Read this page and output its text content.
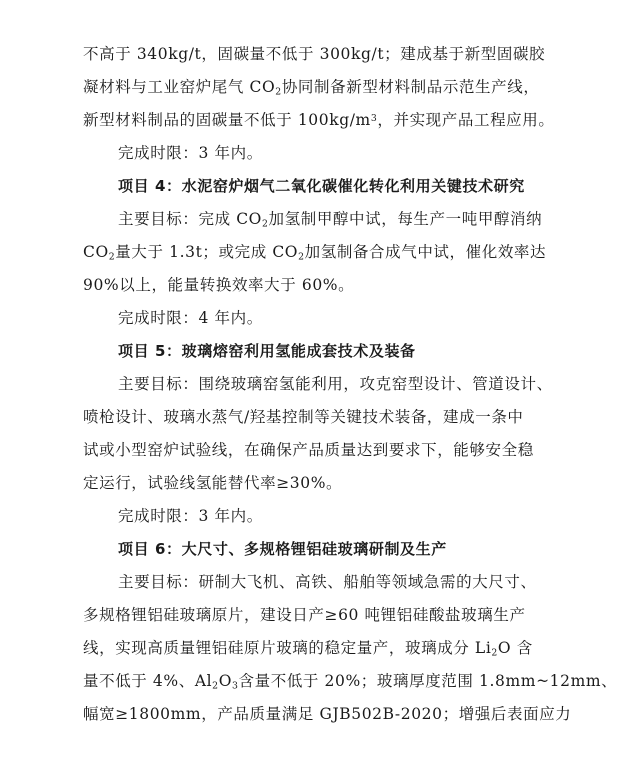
不高于 340kg/t，固碳量不低于 300kg/t；建成基于新型固碳胶
凝材料与工业窑炉尾气 $CO_2$协同制备新型材料制品示范生产线，
新型材料制品的固碳量不低于 $100kg/m^3$，并实现产品工程应用。
完成时限：3 年内。
项目 4：水泥窑炉烟气二氧化碳催化转化利用关键技术研究
主要目标：完成 $CO_2$加氢制甲醇中试，每生产一吨甲醇消纳
$CO_2$量大于 1.3t；或完成 $CO_2$加氢制备合成气中试，催化效率达
90%以上，能量转换效率大于 60%。
完成时限：4 年内。
项目 5：玻璃熔窑利用氢能成套技术及装备
主要目标：围绕玻璃窑氢能利用，攻克窑型设计、管道设计、
喷枪设计、玻璃水蒸气/羟基控制等关键技术装备，建成一条中
试或小型窑炉试验线，在确保产品质量达到要求下，能够安全稳
定运行，试验线氢能替代率≥30%。
完成时限：3 年内。
项目 6：大尺寸、多规格锂铝硅玻璃研制及生产
主要目标：研制大飞机、高铁、船舶等领域急需的大尺寸、
多规格锂铝硅玻璃原片，建设日产≥60 吨锂铝硅酸盐玻璃生产
线，实现高质量锂铝硅原片玻璃的稳定量产，玻璃成分 $Li_2O$ 含
量不低于 4%、$Al_2O_3$含量不低于 20%；玻璃厚度范围 1.8mm~12mm、
幅宽≥1800mm，产品质量满足 GJB502B-2020；增强后表面应力
